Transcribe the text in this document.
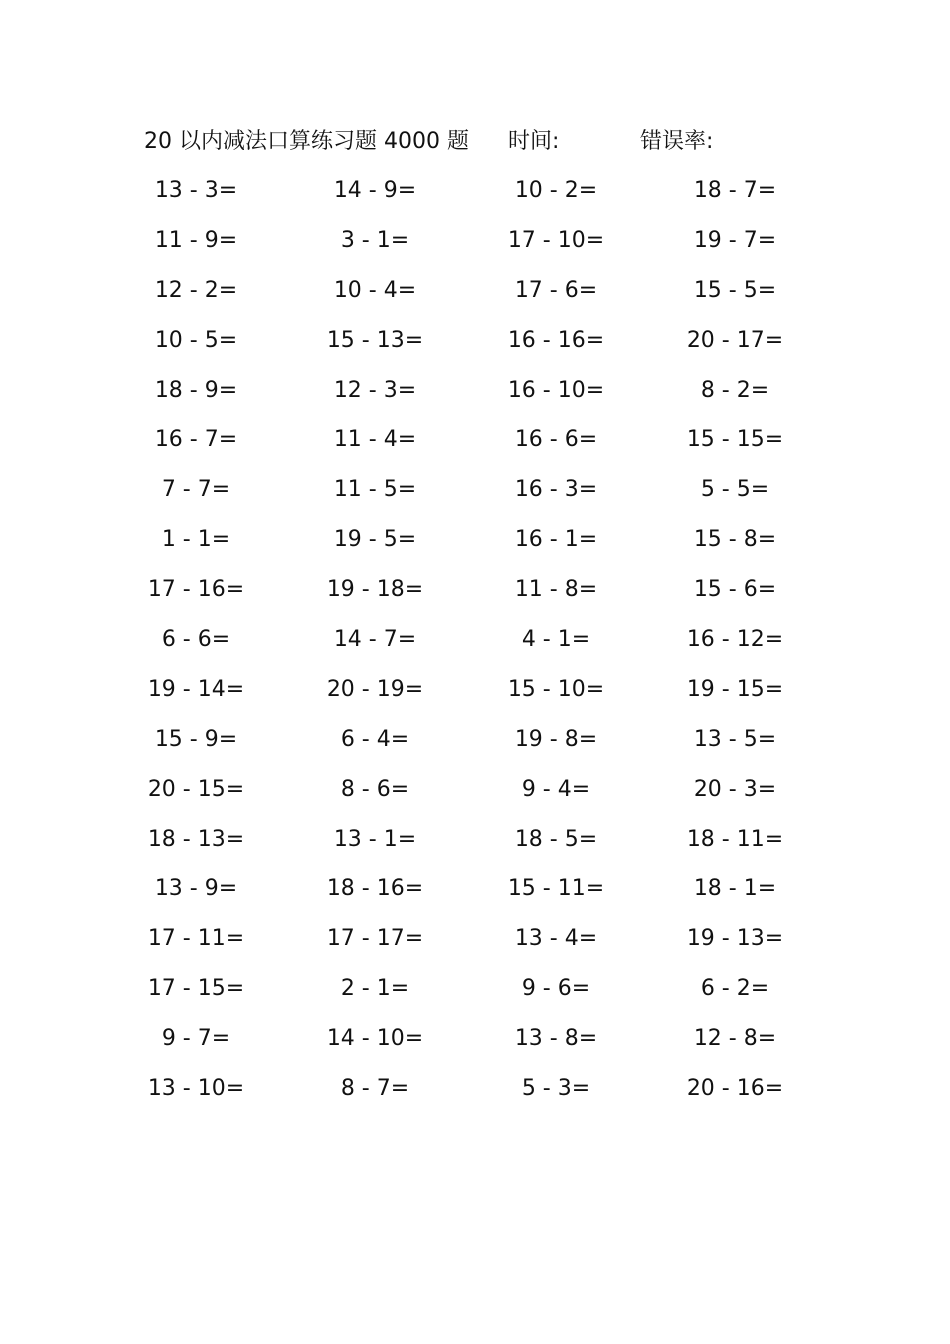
20 以内减法口算练习题 4000 题 时间:	错误率:
13 - 3=	14 - 9=	10 - 2=	18 - 7=
11 - 9=	3 - 1=	17 - 10=	19 - 7=
12 - 2=	10 - 4=	17 - 6=	15 - 5=
10 - 5=	15 - 13=	16 - 16=	20 - 17=
18 - 9=	12 - 3=	16 - 10=	8 - 2=
16 - 7=	11 - 4=	16 - 6=	15 - 15=
7 - 7=	11 - 5=	16 - 3=	5 - 5=
1 - 1=	19 - 5=	16 - 1=	15 - 8=
17 - 16=	19 - 18=	11 - 8=	15 - 6=
6 - 6=	14 - 7=	4 - 1=	16 - 12=
19 - 14=	20 - 19=	15 - 10=	19 - 15=
15 - 9=	6 - 4=	19 - 8=	13 - 5=
20 - 15=	8 - 6=	9 - 4=	20 - 3=
18 - 13=	13 - 1=	18 - 5=	18 - 11=
13 - 9=	18 - 16=	15 - 11=	18 - 1=
17 - 11=	17 - 17=	13 - 4=	19 - 13=
17 - 15=	2 - 1=	9 - 6=	6 - 2=
9 - 7=	14 - 10=	13 - 8=	12 - 8=
13 - 10=	8 - 7=	5 - 3=	20 - 16=
